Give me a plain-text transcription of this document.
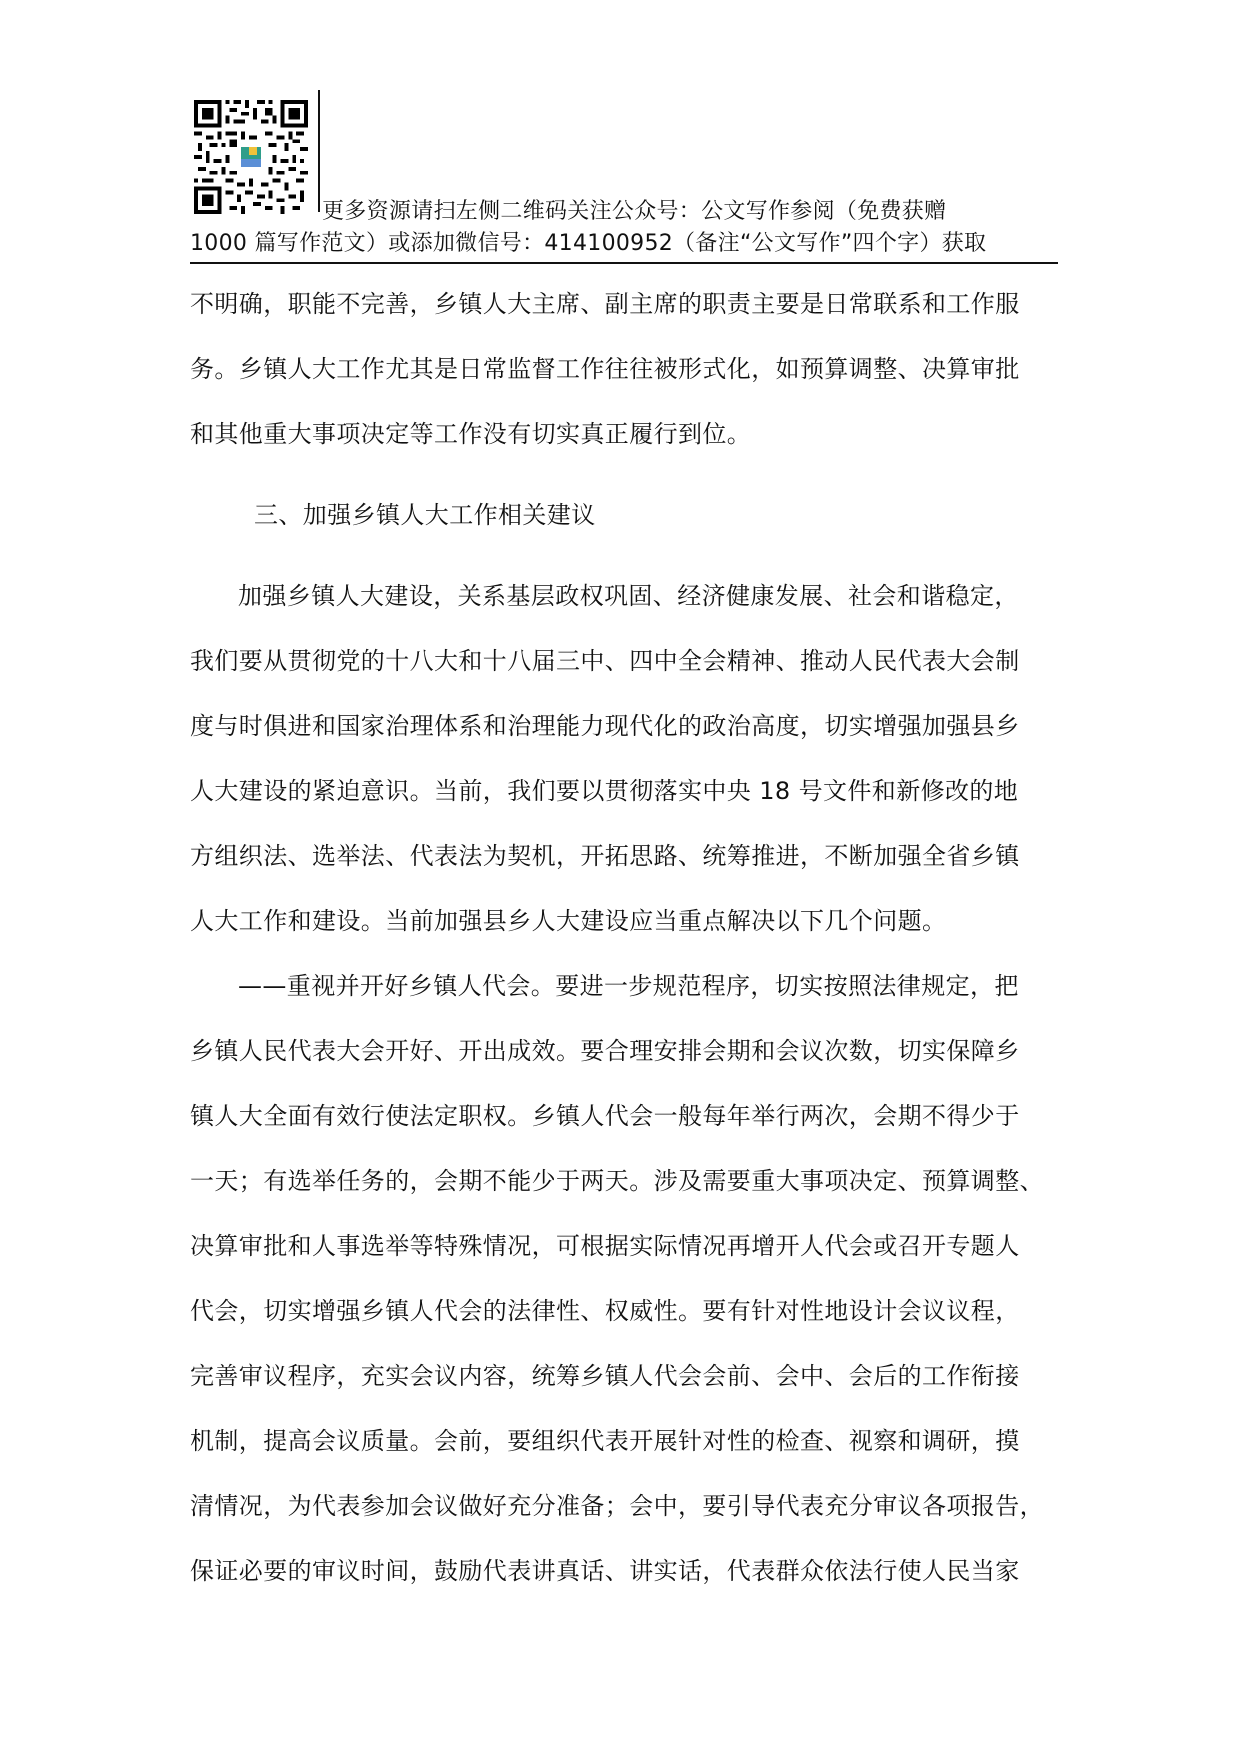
更多资源请扫左侧二维码关注公众号：公文写作参阅（免费获赠
1000 篇写作范文）或添加微信号：414100952（备注“公文写作”四个字）获取
不明确，职能不完善，乡镇人大主席、副主席的职责主要是日常联系和工作服
务。乡镇人大工作尤其是日常监督工作往往被形式化，如预算调整、决算审批
和其他重大事项决定等工作没有切实真正履行到位。
三、加强乡镇人大工作相关建议
加强乡镇人大建设，关系基层政权巩固、经济健康发展、社会和谐稳定，
我们要从贯彻党的十八大和十八届三中、四中全会精神、推动人民代表大会制
度与时俱进和国家治理体系和治理能力现代化的政治高度，切实增强加强县乡
人大建设的紧迫意识。当前，我们要以贯彻落实中央 18 号文件和新修改的地
方组织法、选举法、代表法为契机，开拓思路、统筹推进，不断加强全省乡镇
人大工作和建设。当前加强县乡人大建设应当重点解决以下几个问题。
——重视并开好乡镇人代会。要进一步规范程序，切实按照法律规定，把
乡镇人民代表大会开好、开出成效。要合理安排会期和会议次数，切实保障乡
镇人大全面有效行使法定职权。乡镇人代会一般每年举行两次，会期不得少于
一天；有选举任务的，会期不能少于两天。涉及需要重大事项决定、预算调整、
决算审批和人事选举等特殊情况，可根据实际情况再增开人代会或召开专题人
代会，切实增强乡镇人代会的法律性、权威性。要有针对性地设计会议议程，
完善审议程序，充实会议内容，统筹乡镇人代会会前、会中、会后的工作衔接
机制，提高会议质量。会前，要组织代表开展针对性的检查、视察和调研，摸
清情况，为代表参加会议做好充分准备；会中，要引导代表充分审议各项报告，
保证必要的审议时间，鼓励代表讲真话、讲实话，代表群众依法行使人民当家
